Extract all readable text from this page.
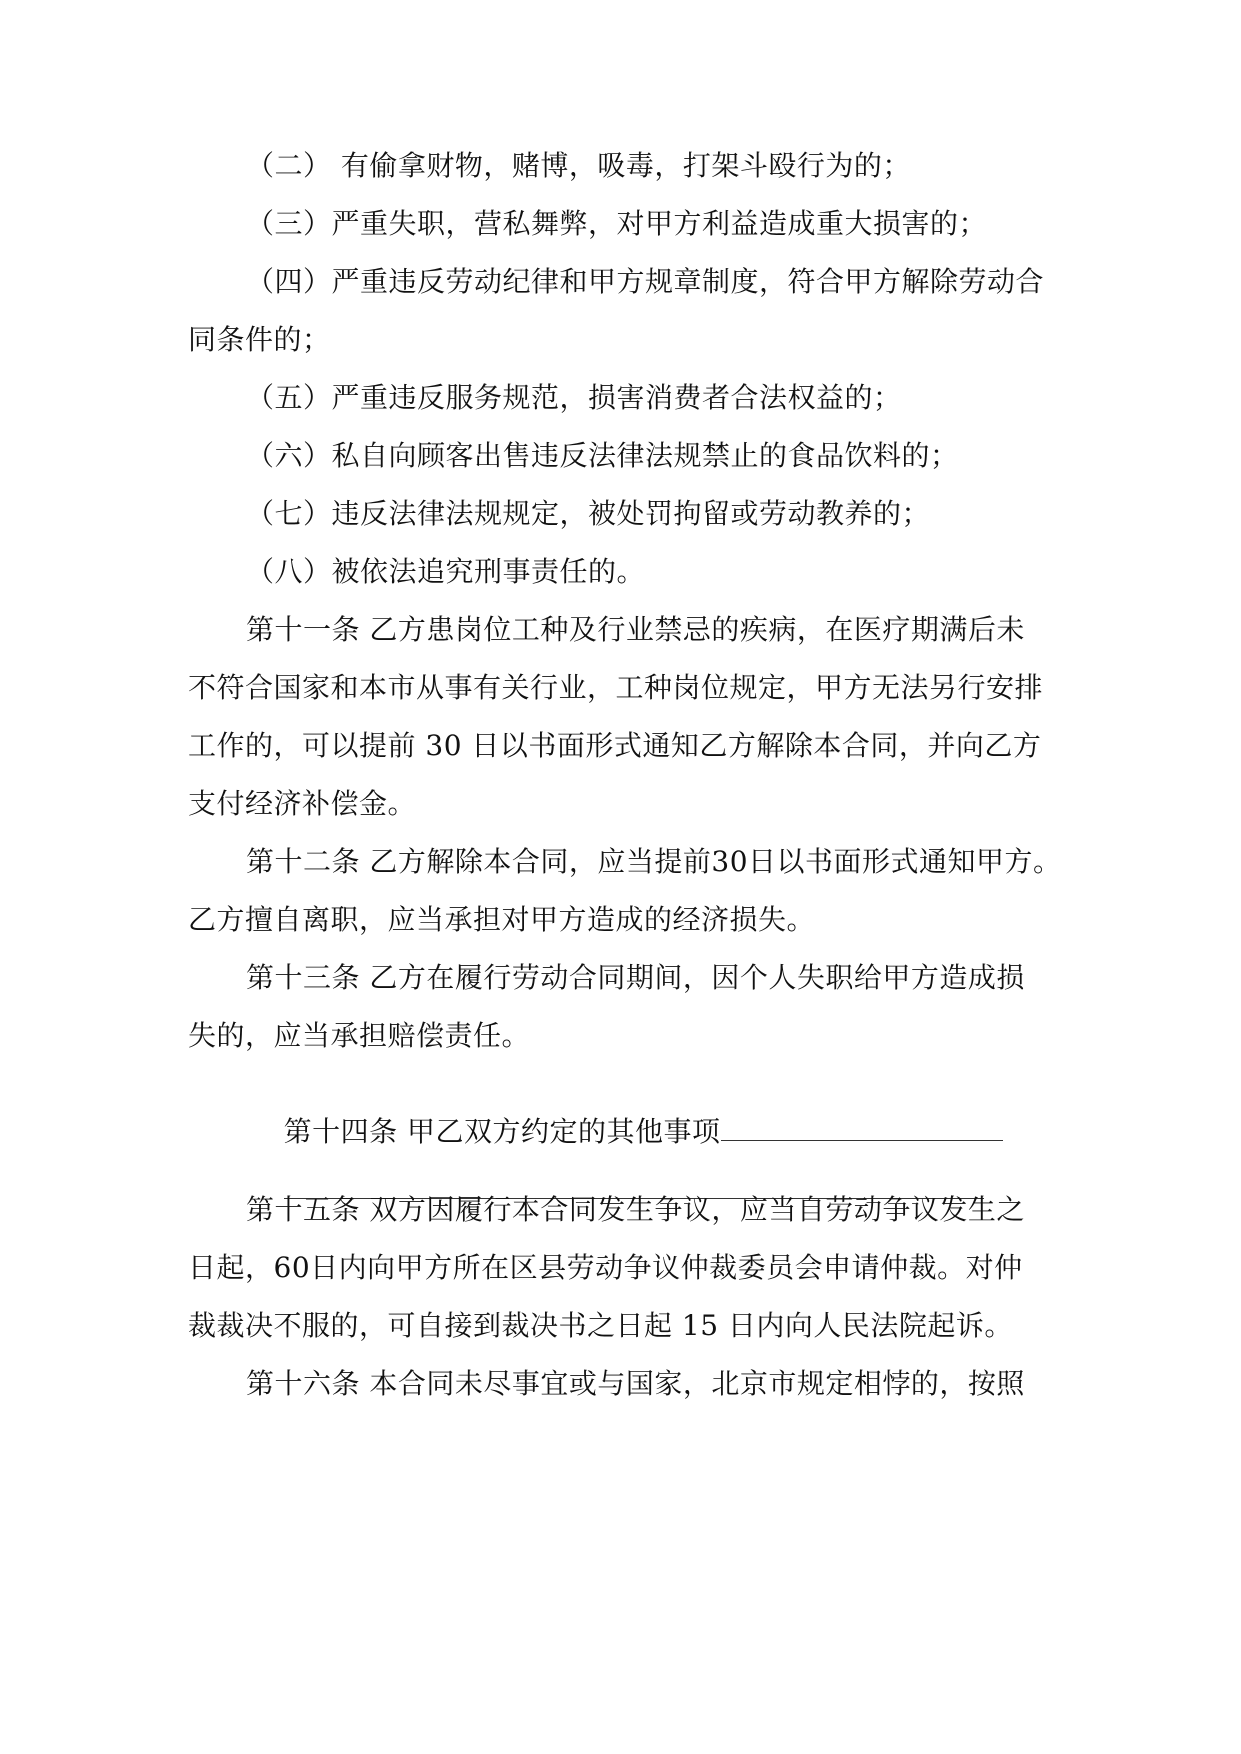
（二） 有偷拿财物，赌博，吸毒，打架斗殴行为的；
（三）严重失职，营私舞弊，对甲方利益造成重大损害的；
（四）严重违反劳动纪律和甲方规章制度，符合甲方解除劳动合
同条件的；
（五）严重违反服务规范，损害消费者合法权益的；
（六）私自向顾客出售违反法律法规禁止的食品饮料的；
（七）违反法律法规规定，被处罚拘留或劳动教养的；
（八）被依法追究刑事责任的。
第十一条 乙方患岗位工种及行业禁忌的疾病，在医疗期满后未
不符合国家和本市从事有关行业，工种岗位规定，甲方无法另行安排
工作的，可以提前 30 日以书面形式通知乙方解除本合同，并向乙方
支付经济补偿金。
第十二条 乙方解除本合同，应当提前30日以书面形式通知甲方。
乙方擅自离职，应当承担对甲方造成的经济损失。
第十三条 乙方在履行劳动合同期间，因个人失职给甲方造成损
失的，应当承担赔偿责任。

第十四条 甲乙双方约定的其他事项

第十五条 双方因履行本合同发生争议，应当自劳动争议发生之
日起，60日内向甲方所在区县劳动争议仲裁委员会申请仲裁。对仲
裁裁决不服的，可自接到裁决书之日起 15 日内向人民法院起诉。
第十六条 本合同未尽事宜或与国家，北京市规定相悖的，按照
